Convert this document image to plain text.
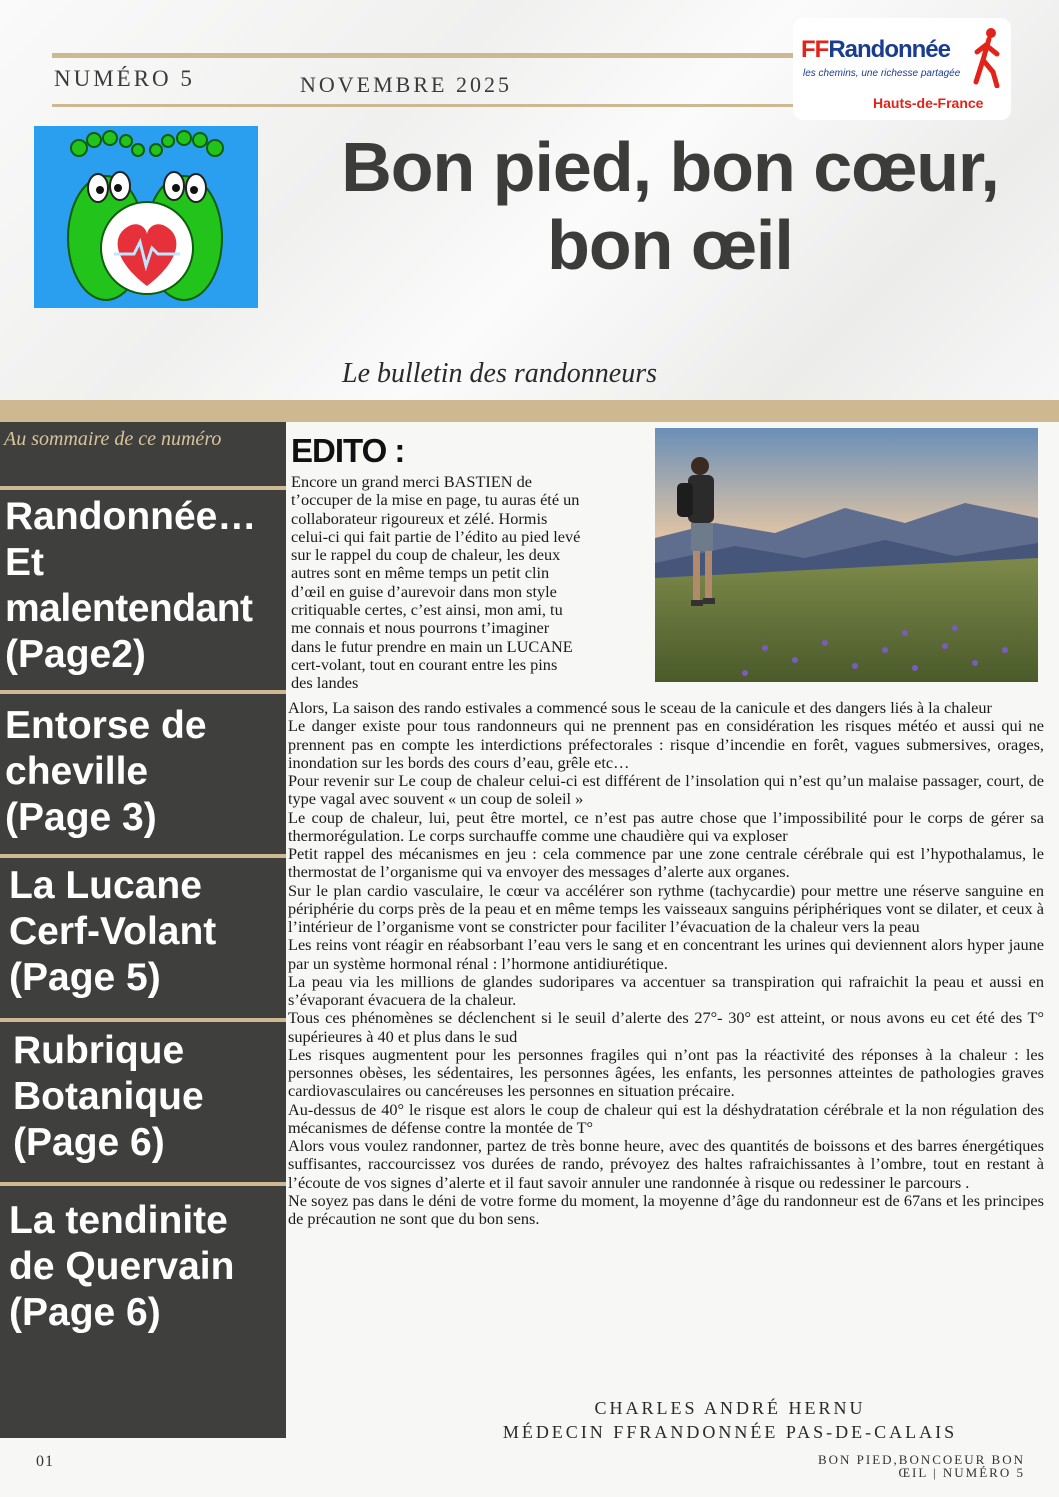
NUMÉRO 5	NOVEMBRE 2025
FFRandonnée
les chemins, une richesse partagée
Hauts-de-France
Bon pied, bon cœur,
bon œil
Le bulletin des randonneurs
Au sommaire de ce numéro
Randonnée…
Et
malentendant
(Page2)
Entorse de
cheville
(Page 3)
La Lucane
Cerf-Volant
(Page 5)
Rubrique
Botanique
(Page 6)
La tendinite
de Quervain
(Page 6)
EDITO :
Encore un grand merci BASTIEN de
t’occuper de la mise en page, tu auras été un
collaborateur rigoureux et zélé. Hormis
celui-ci qui fait partie de l’édito au pied levé
sur le rappel du coup de chaleur, les deux
autres sont en même temps un petit clin
d’œil en guise d’aurevoir dans mon style
critiquable certes, c’est ainsi, mon ami, tu
me connais et nous pourrons t’imaginer
dans le futur prendre en main un LUCANE
cert-volant, tout en courant entre les pins
des landes

Alors, La saison des rando estivales a commencé sous le sceau de la canicule et des dangers liés à la chaleur

Le danger existe pour tous randonneurs qui ne prennent pas en considération les risques météo et aussi qui ne prennent pas en compte les interdictions préfectorales : risque d’incendie en forêt, vagues submersives, orages, inondation sur les bords des cours d’eau, grêle etc…

Pour revenir sur Le coup de chaleur celui-ci est différent de l’insolation qui n’est qu’un malaise passager, court, de type vagal avec souvent « un coup de soleil »

Le coup de chaleur, lui, peut être mortel, ce n’est pas autre chose que l’impossibilité pour le corps de gérer sa thermorégulation. Le corps surchauffe comme une chaudière qui va exploser

Petit rappel des mécanismes en jeu : cela commence par une zone centrale cérébrale qui est l’hypothalamus, le thermostat de l’organisme qui va envoyer des messages d’alerte aux organes.

Sur le plan cardio vasculaire, le cœur va accélérer son rythme (tachycardie) pour mettre une réserve sanguine en périphérie du corps près de la peau et en même temps les vaisseaux sanguins périphériques vont se dilater, et ceux à l’intérieur de l’organisme vont se constricter pour faciliter l’évacuation de la chaleur vers la peau

Les reins vont réagir en réabsorbant l’eau vers le sang et en concentrant les urines qui deviennent alors hyper jaune par un système hormonal rénal : l’hormone antidiurétique.

La peau via les millions de glandes sudoripares va accentuer sa transpiration qui rafraichit la peau et aussi en s’évaporant évacuera de la chaleur.

Tous ces phénomènes se déclenchent si le seuil d’alerte des 27°- 30° est atteint, or nous avons eu cet été des T° supérieures à 40 et plus dans le sud

Les risques augmentent pour les personnes fragiles qui n’ont pas la réactivité des réponses à la chaleur : les personnes obèses, les sédentaires, les personnes âgées, les enfants, les personnes atteintes de pathologies graves cardiovasculaires ou cancéreuses les personnes en situation précaire.

Au-dessus de 40° le risque est alors le coup de chaleur qui est la déshydratation cérébrale et la non régulation des mécanismes de défense contre la montée de T°

Alors vous voulez randonner, partez de très bonne heure, avec des quantités de boissons et des barres énergétiques suffisantes, raccourcissez vos durées de rando, prévoyez des haltes rafraichissantes à l’ombre, tout en restant à l’écoute de vos signes d’alerte et il faut savoir annuler une randonnée à risque ou redessiner le parcours .

Ne soyez pas dans le déni de votre forme du moment, la moyenne d’âge du randonneur est de 67ans et les principes de précaution ne sont que du bon sens.

CHARLES ANDRÉ HERNU
MÉDECIN FFRANDONNÉE PAS-DE-CALAIS
01	BON PIED,BONCOEUR BON
ŒIL | NUMÉRO 5
